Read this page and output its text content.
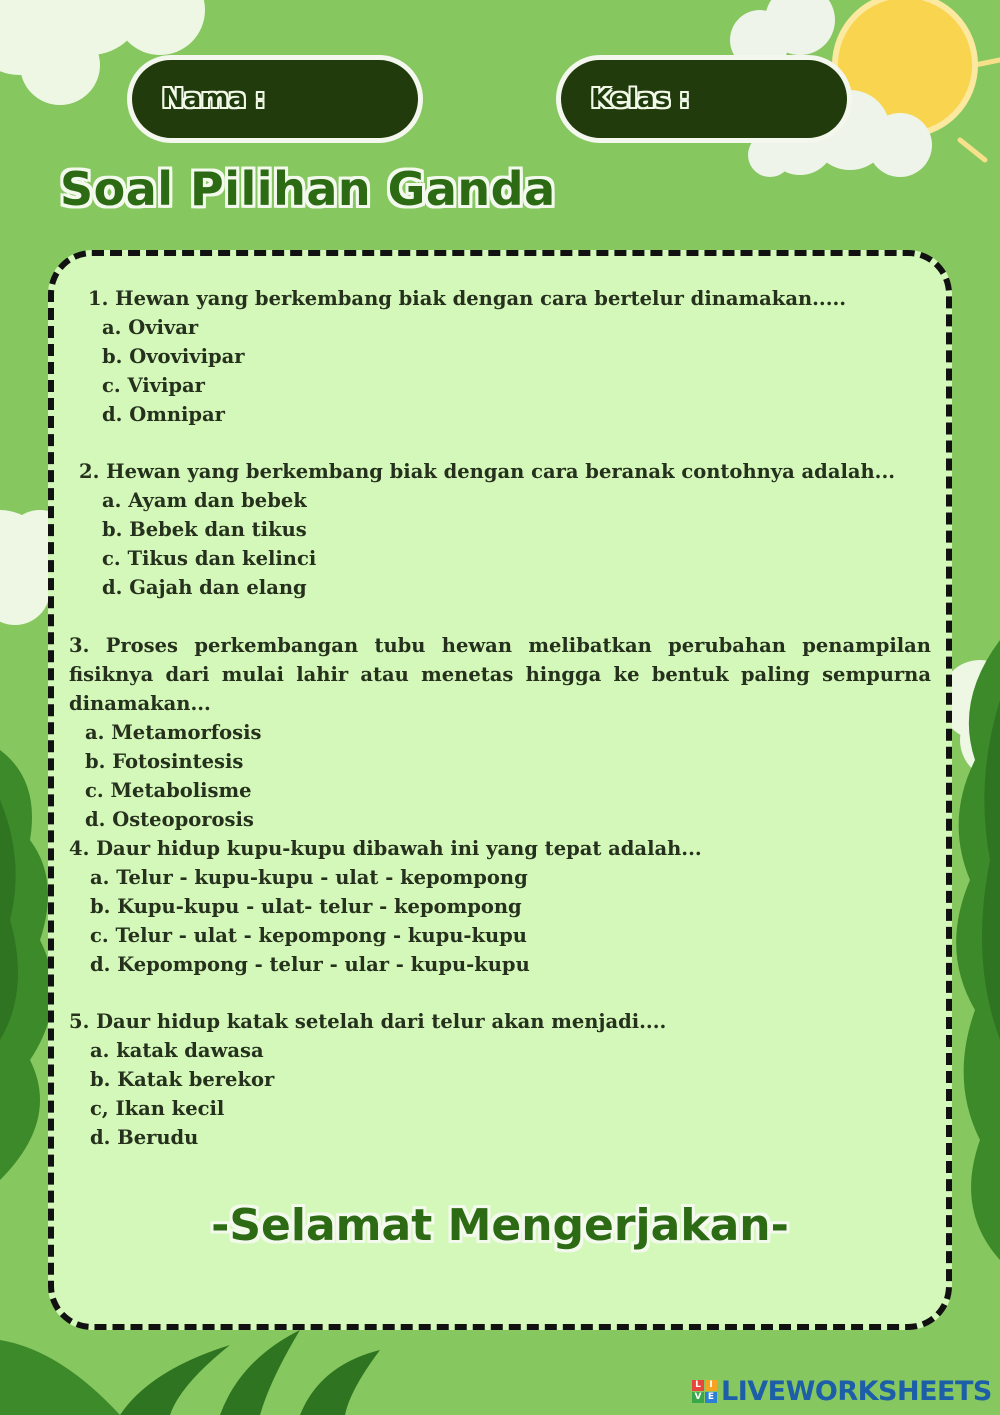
Nama :	Kelas :
Soal Pilihan Ganda

1. Hewan yang berkembang biak dengan cara bertelur dinamakan.....

a. Ovivar
b. Ovovivipar
c. Vivipar
d. Omnipar

2. Hewan yang berkembang biak dengan cara beranak contohnya adalah...

a. Ayam dan bebek
b. Bebek dan tikus
c. Tikus dan kelinci
d. Gajah dan elang

3. Proses perkembangan tubu hewan melibatkan perubahan penampilan fisiknya dari mulai lahir atau menetas hingga ke bentuk paling sempurna dinamakan...

a. Metamorfosis
b. Fotosintesis
c. Metabolisme
d. Osteoporosis

4. Daur hidup kupu-kupu dibawah ini yang tepat adalah...

a. Telur - kupu-kupu - ulat - kepompong
b. Kupu-kupu - ulat- telur - kepompong
c. Telur - ulat - kepompong - kupu-kupu
d. Kepompong - telur - ular - kupu-kupu

5. Daur hidup katak setelah dari telur akan menjadi....

a. katak dawasa
b. Katak berekor
c, Ikan kecil
d. Berudu
-Selamat Mengerjakan-
L I
V E LIVEWORKSHEETS
